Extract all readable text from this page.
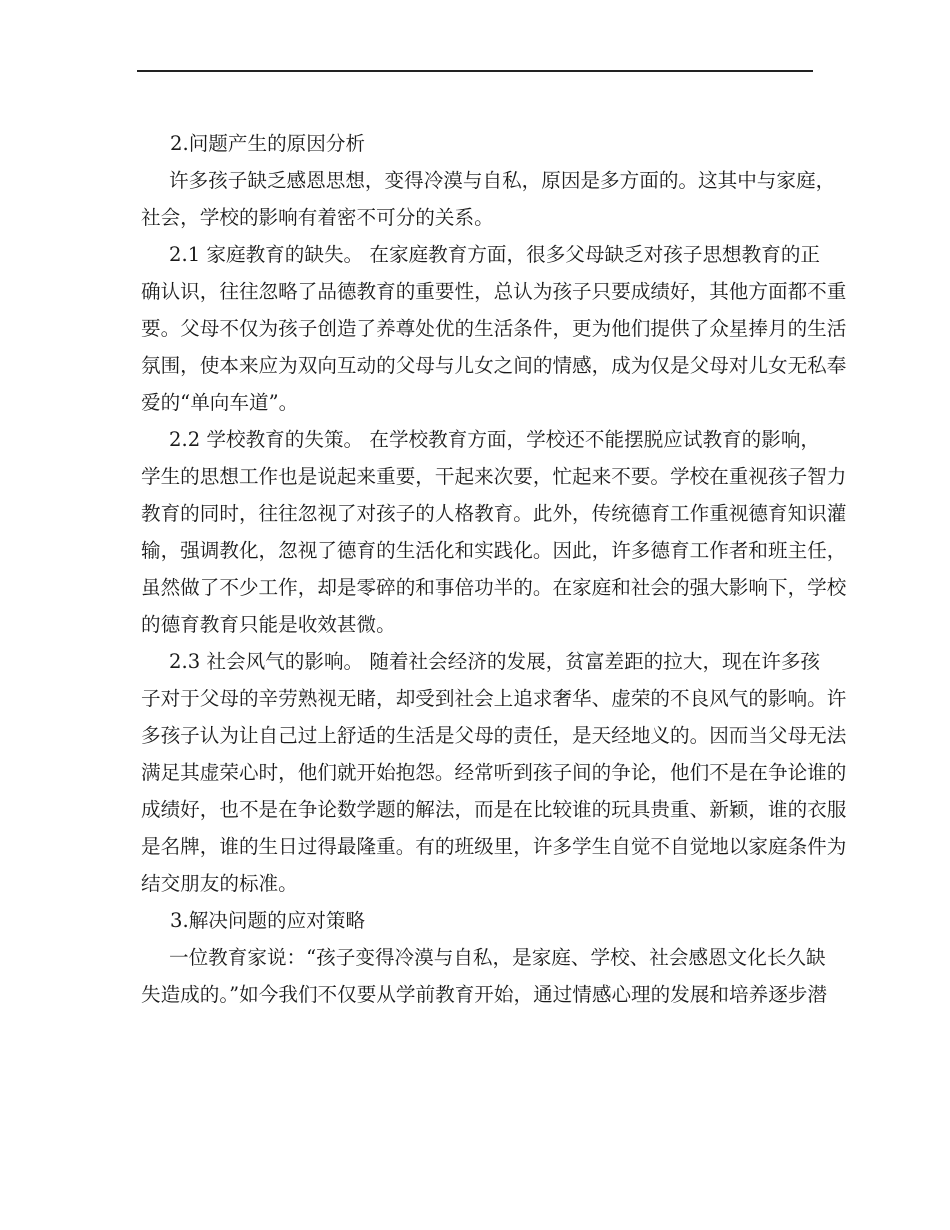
2.问题产生的原因分析
许多孩子缺乏感恩思想，变得冷漠与自私，原因是多方面的。这其中与家庭，
社会，学校的影响有着密不可分的关系。
2.1 家庭教育的缺失。 在家庭教育方面，很多父母缺乏对孩子思想教育的正
确认识，往往忽略了品德教育的重要性，总认为孩子只要成绩好，其他方面都不重
要。父母不仅为孩子创造了养尊处优的生活条件，更为他们提供了众星捧月的生活
氛围，使本来应为双向互动的父母与儿女之间的情感，成为仅是父母对儿女无私奉
爱的“单向车道”。
2.2 学校教育的失策。 在学校教育方面，学校还不能摆脱应试教育的影响，
学生的思想工作也是说起来重要，干起来次要，忙起来不要。学校在重视孩子智力
教育的同时，往往忽视了对孩子的人格教育。此外，传统德育工作重视德育知识灌
输，强调教化，忽视了德育的生活化和实践化。因此，许多德育工作者和班主任，
虽然做了不少工作，却是零碎的和事倍功半的。在家庭和社会的强大影响下，学校
的德育教育只能是收效甚微。
2.3 社会风气的影响。 随着社会经济的发展，贫富差距的拉大，现在许多孩
子对于父母的辛劳熟视无睹，却受到社会上追求奢华、虚荣的不良风气的影响。许
多孩子认为让自己过上舒适的生活是父母的责任，是天经地义的。因而当父母无法
满足其虚荣心时，他们就开始抱怨。经常听到孩子间的争论，他们不是在争论谁的
成绩好，也不是在争论数学题的解法，而是在比较谁的玩具贵重、新颖，谁的衣服
是名牌，谁的生日过得最隆重。有的班级里，许多学生自觉不自觉地以家庭条件为
结交朋友的标准。
3.解决问题的应对策略
一位教育家说：“孩子变得冷漠与自私，是家庭、学校、社会感恩文化长久缺
失造成的。”如今我们不仅要从学前教育开始，通过情感心理的发展和培养逐步潜
